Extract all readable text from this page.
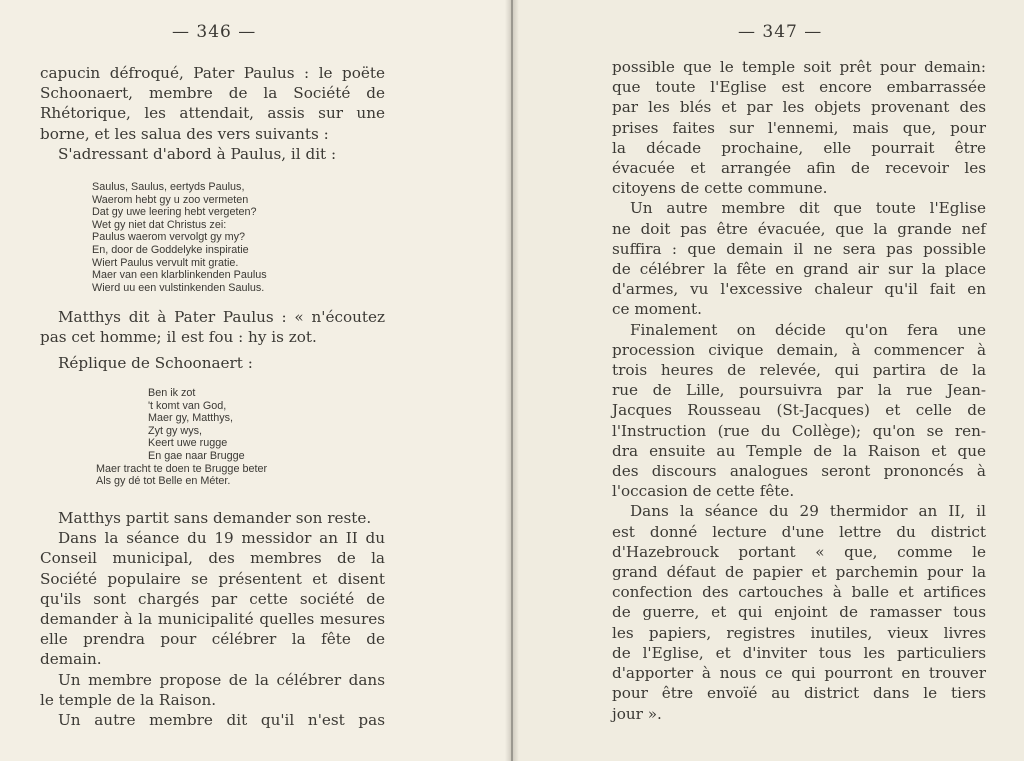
— 346 —
capucin défroqué, Pater Paulus : le poëte
Schoonaert, membre de la Société de
Rhétorique, les attendait, assis sur une
borne, et les salua des vers suivants :
S'adressant d'abord à Paulus, il dit :
Saulus, Saulus, eertyds Paulus,
Waerom hebt gy u zoo vermeten
Dat gy uwe leering hebt vergeten?
Wet gy niet dat Christus zei:
Paulus waerom vervolgt gy my?
En, door de Goddelyke inspiratie
Wiert Paulus vervult mit gratie.
Maer van een klarblinkenden Paulus
Wierd uu een vulstinkenden Saulus.
Matthys dit à Pater Paulus : « n'écoutez
pas cet homme; il est fou : hy is zot.
Réplique de Schoonaert :
Ben ik zot
't komt van God,
Maer gy, Matthys,
Zyt gy wys,
Keert uwe rugge
En gae naar Brugge
Maer tracht te doen te Brugge beter
Als gy dé tot Belle en Méter.
Matthys partit sans demander son reste.
Dans la séance du 19 messidor an II du
Conseil municipal, des membres de la
Société populaire se présentent et disent
qu'ils sont chargés par cette société de
demander à la municipalité quelles mesures
elle prendra pour célébrer la fête de
demain.
Un membre propose de la célébrer dans
le temple de la Raison.
Un autre membre dit qu'il n'est pas
— 347 —
possible que le temple soit prêt pour demain:
que toute l'Eglise est encore embarrassée
par les blés et par les objets provenant des
prises faites sur l'ennemi, mais que, pour
la décade prochaine, elle pourrait être
évacuée et arrangée afin de recevoir les
citoyens de cette commune.
Un autre membre dit que toute l'Eglise
ne doit pas être évacuée, que la grande nef
suffira : que demain il ne sera pas possible
de célébrer la fête en grand air sur la place
d'armes, vu l'excessive chaleur qu'il fait en
ce moment.
Finalement on décide qu'on fera une
procession civique demain, à commencer à
trois heures de relevée, qui partira de la
rue de Lille, poursuivra par la rue Jean-
Jacques Rousseau (St-Jacques) et celle de
l'Instruction (rue du Collège); qu'on se ren-
dra ensuite au Temple de la Raison et que
des discours analogues seront prononcés à
l'occasion de cette fête.
Dans la séance du 29 thermidor an II, il
est donné lecture d'une lettre du district
d'Hazebrouck portant « que, comme le
grand défaut de papier et parchemin pour la
confection des cartouches à balle et artifices
de guerre, et qui enjoint de ramasser tous
les papiers, registres inutiles, vieux livres
de l'Eglise, et d'inviter tous les particuliers
d'apporter à nous ce qui pourront en trouver
pour être envoïé au district dans le tiers
jour ».
